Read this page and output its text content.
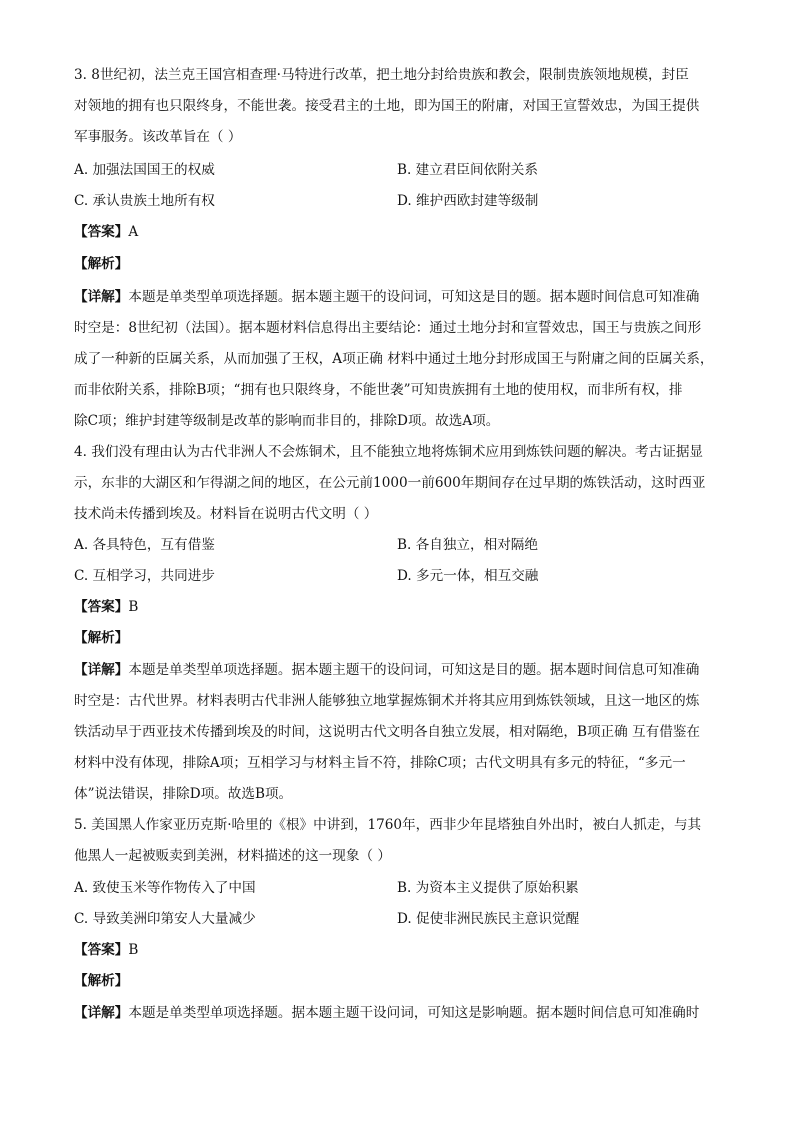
3. 8世纪初，法兰克王国宫相查理·马特进行改革，把土地分封给贵族和教会，限制贵族领地规模，封臣
对领地的拥有也只限终身，不能世袭。接受君主的土地，即为国王的附庸，对国王宣誓效忠，为国王提供
军事服务。该改革旨在（ ）
A. 加强法国国王的权威	B. 建立君臣间依附关系
C. 承认贵族土地所有权	D. 维护西欧封建等级制
【答案】A
【解析】
【详解】本题是单类型单项选择题。据本题主题干的设问词，可知这是目的题。据本题时间信息可知准确
时空是：8世纪初（法国）。据本题材料信息得出主要结论：通过土地分封和宣誓效忠，国王与贵族之间形
成了一种新的臣属关系，从而加强了王权，A项正确 材料中通过土地分封形成国王与附庸之间的臣属关系，
而非依附关系，排除B项；“拥有也只限终身，不能世袭”可知贵族拥有土地的使用权，而非所有权，排
除C项；维护封建等级制是改革的影响而非目的，排除D项。故选A项。
4. 我们没有理由认为古代非洲人不会炼铜术，且不能独立地将炼铜术应用到炼铁问题的解决。考古证据显
示，东非的大湖区和乍得湖之间的地区，在公元前1000一前600年期间存在过早期的炼铁活动，这时西亚
技术尚未传播到埃及。材料旨在说明古代文明（ ）
A. 各具特色，互有借鉴	B. 各自独立，相对隔绝
C. 互相学习，共同进步	D. 多元一体，相互交融
【答案】B
【解析】
【详解】本题是单类型单项选择题。据本题主题干的设问词，可知这是目的题。据本题时间信息可知准确
时空是：古代世界。材料表明古代非洲人能够独立地掌握炼铜术并将其应用到炼铁领域，且这一地区的炼
铁活动早于西亚技术传播到埃及的时间，这说明古代文明各自独立发展，相对隔绝，B项正确 互有借鉴在
材料中没有体现，排除A项；互相学习与材料主旨不符，排除C项；古代文明具有多元的特征，“多元一
体”说法错误，排除D项。故选B项。
5. 美国黑人作家亚历克斯·哈里的《根》中讲到，1760年，西非少年昆塔独自外出时，被白人抓走，与其
他黑人一起被贩卖到美洲，材料描述的这一现象（ ）
A. 致使玉米等作物传入了中国	B. 为资本主义提供了原始积累
C. 导致美洲印第安人大量减少	D. 促使非洲民族民主意识觉醒
【答案】B
【解析】
【详解】本题是单类型单项选择题。据本题主题干设问词，可知这是影响题。据本题时间信息可知准确时
